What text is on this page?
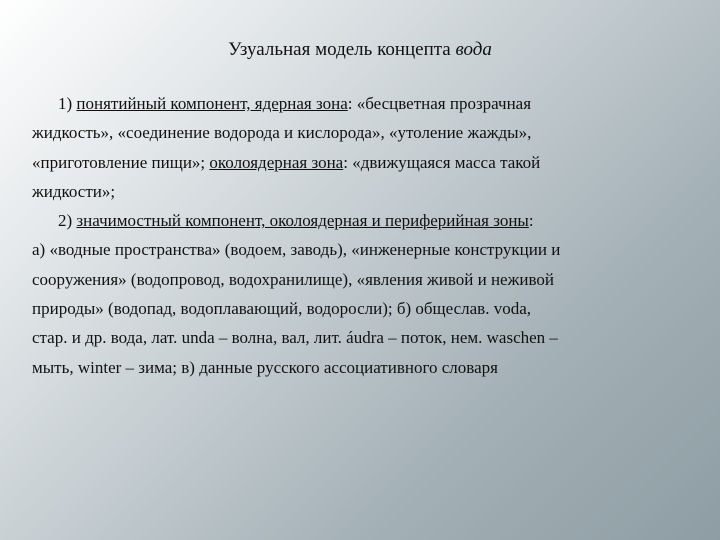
Узуальная модель концепта вода
1) понятийный компонент, ядерная зона: «бесцветная прозрачная
жидкость», «соединение водорода и кислорода», «утоление жажды»,
«приготовление пищи»; околоядерная зона: «движущаяся масса такой
жидкости»;
2) значимостный компонент, околоядерная и периферийная зоны:
а) «водные пространства» (водоем, заводь), «инженерные конструкции и
сооружения» (водопровод, водохранилище), «явления живой и неживой
природы» (водопад, водоплавающий, водоросли); б) общеслав. voda,
стар. и др. вода, лат. unda – волна, вал, лит. áudra – поток, нем. waschen –
мыть, winter – зима; в) данные русского ассоциативного словаря
